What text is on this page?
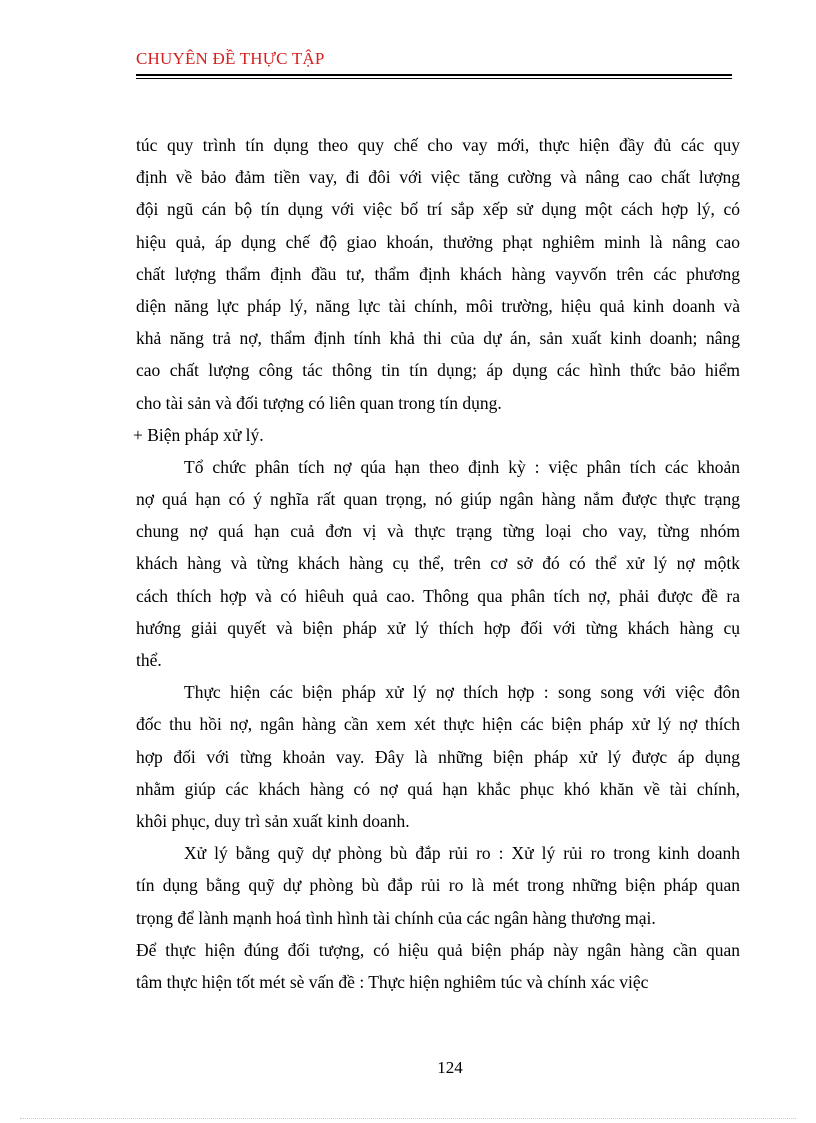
CHUYÊN ĐỀ THỰC TẬP
túc quy trình tín dụng theo quy chế cho vay mới, thực hiện đầy đủ các quy
định về bảo đảm tiền vay, đi đôi với việc tăng cường và nâng cao chất lượng
đội ngũ cán bộ tín dụng với việc bố trí sắp xếp sử dụng một cách hợp lý, có
hiệu quả, áp dụng chế độ giao khoán, thưởng phạt nghiêm minh là nâng cao
chất lượng thẩm định đầu tư, thẩm định khách hàng vayvốn trên các phương
diện năng lực pháp lý, năng lực tài chính, môi trường, hiệu quả kinh doanh và
khả năng trả nợ, thẩm định tính khả thi của dự án, sản xuất kinh doanh; nâng
cao chất lượng công tác thông tin tín dụng; áp dụng các hình thức bảo hiểm
cho tài sản và đối tượng có liên quan trong tín dụng.
+ Biện pháp xử lý.
Tổ chức phân tích nợ qúa hạn theo định kỳ : việc phân tích các khoản
nợ quá hạn có ý nghĩa rất quan trọng, nó giúp ngân hàng nắm được thực trạng
chung nợ quá hạn cuả đơn vị và thực trạng từng loại cho vay, từng nhóm
khách hàng và từng khách hàng cụ thể, trên cơ sở đó có thể xử lý nợ mộtk
cách thích hợp và có hiêuh quả cao. Thông qua phân tích nợ, phải được đề ra
hướng giải quyết và biện pháp xử lý thích hợp đối với từng khách hàng cụ
thể.
Thực hiện các biện pháp xử lý nợ thích hợp : song song với việc đôn
đốc thu hồi nợ, ngân hàng cần xem xét thực hiện các biện pháp xử lý nợ thích
hợp đối với từng khoản vay. Đây là những biện pháp xử lý được áp dụng
nhằm giúp các khách hàng có nợ quá hạn khắc phục khó khăn về tài chính,
khôi phục, duy trì sản xuất kinh doanh.
Xử lý bằng quỹ dự phòng bù đắp rủi ro : Xử lý rủi ro trong kinh doanh
tín dụng bằng quỹ dự phòng bù đắp rủi ro là mét trong những biện pháp quan
trọng để lành mạnh hoá tình hình tài chính của các ngân hàng thương mại.
Để thực hiện đúng đối tượng, có hiệu quả biện pháp này ngân hàng cần quan
tâm thực hiện tốt mét sè vấn đề : Thực hiện nghiêm túc và chính xác việc
124
